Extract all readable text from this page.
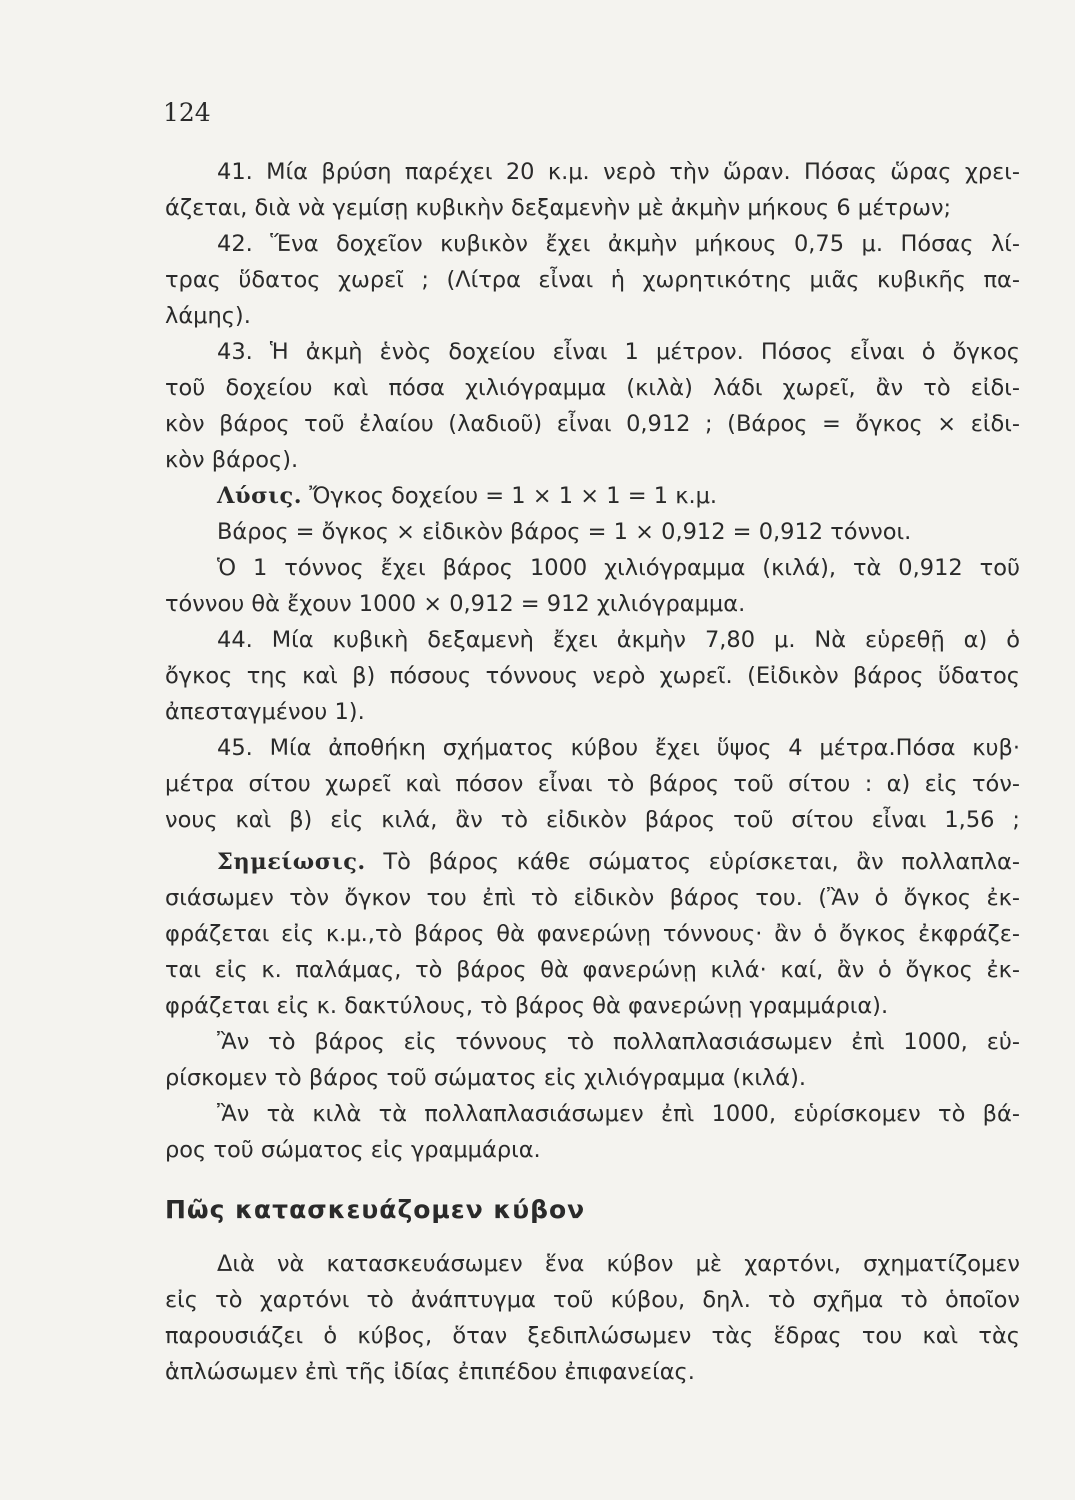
124
41. Μία βρύση παρέχει 20 κ.μ. νερὸ τὴν ὥραν. Πόσας ὥρας χρει-
άζεται, διὰ νὰ γεμίσῃ κυβικὴν δεξαμενὴν μὲ ἀκμὴν μήκους 6 μέτρων;
42. Ἕνα δοχεῖον κυβικὸν ἔχει ἀκμὴν μήκους 0,75 μ. Πόσας λί-
τρας ὕδατος χωρεῖ ; (Λίτρα εἶναι ἡ χωρητικότης μιᾶς κυβικῆς πα-
λάμης).
43. Ἡ ἀκμὴ ἑνὸς δοχείου εἶναι 1 μέτρον. Πόσος εἶναι ὁ ὄγκος
τοῦ δοχείου καὶ πόσα χιλιόγραμμα (κιλὰ) λάδι χωρεῖ, ἂν τὸ εἰδι-
κὸν βάρος τοῦ ἐλαίου (λαδιοῦ) εἶναι 0,912 ; (Βάρος = ὄγκος × εἰδι-
κὸν βάρος).
Λύσις. Ὄγκος δοχείου = 1 × 1 × 1 = 1 κ.μ.
Βάρος = ὄγκος × εἰδικὸν βάρος = 1 × 0,912 = 0,912 τόννοι.
Ὁ 1 τόννος ἔχει βάρος 1000 χιλιόγραμμα (κιλά), τὰ 0,912 τοῦ
τόννου θὰ ἔχουν 1000 × 0,912 = 912 χιλιόγραμμα.
44. Μία κυβικὴ δεξαμενὴ ἔχει ἀκμὴν 7,80 μ. Νὰ εὑρεθῇ α) ὁ
ὄγκος της καὶ β) πόσους τόννους νερὸ χωρεῖ. (Εἰδικὸν βάρος ὕδατος
ἀπεσταγμένου 1).
45. Μία ἀποθήκη σχήματος κύβου ἔχει ὕψος 4 μέτρα.Πόσα κυβ·
μέτρα σίτου χωρεῖ καὶ πόσον εἶναι τὸ βάρος τοῦ σίτου : α) εἰς τόν-
νους καὶ β) εἰς κιλά, ἂν τὸ εἰδικὸν βάρος τοῦ σίτου εἶναι 1,56 ;
Σημείωσις. Τὸ βάρος κάθε σώματος εὑρίσκεται, ἂν πολλαπλα-
σιάσωμεν τὸν ὄγκον του ἐπὶ τὸ εἰδικὸν βάρος του. (Ἂν ὁ ὄγκος ἐκ-
φράζεται εἰς κ.μ.,τὸ βάρος θὰ φανερώνῃ τόννους· ἂν ὁ ὄγκος ἐκφράζε-
ται εἰς κ. παλάμας, τὸ βάρος θὰ φανερώνῃ κιλά· καί, ἂν ὁ ὄγκος ἐκ-
φράζεται εἰς κ. δακτύλους, τὸ βάρος θὰ φανερώνῃ γραμμάρια).
Ἂν τὸ βάρος εἰς τόννους τὸ πολλαπλασιάσωμεν ἐπὶ 1000, εὑ-
ρίσκομεν τὸ βάρος τοῦ σώματος εἰς χιλιόγραμμα (κιλά).
Ἂν τὰ κιλὰ τὰ πολλαπλασιάσωμεν ἐπὶ 1000, εὑρίσκομεν τὸ βά-
ρος τοῦ σώματος εἰς γραμμάρια.
Πῶς κατασκευάζομεν κύβον
Διὰ νὰ κατασκευάσωμεν ἕνα κύβον μὲ χαρτόνι, σχηματίζομεν
εἰς τὸ χαρτόνι τὸ ἀνάπτυγμα τοῦ κύβου, δηλ. τὸ σχῆμα τὸ ὁποῖον
παρουσιάζει ὁ κύβος, ὅταν ξεδιπλώσωμεν τὰς ἕδρας του καὶ τὰς
ἁπλώσωμεν ἐπὶ τῆς ἰδίας ἐπιπέδου ἐπιφανείας.
